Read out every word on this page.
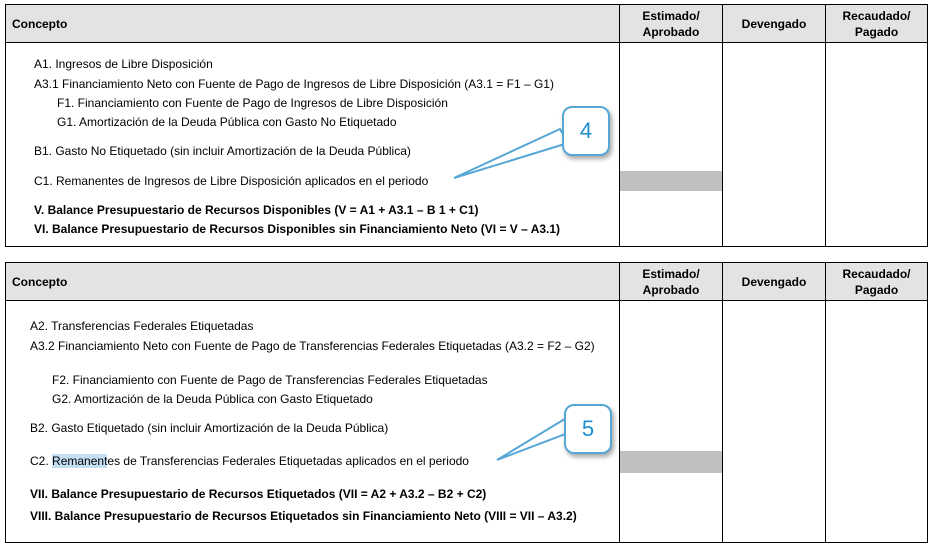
Concepto
Estimado/
Aprobado
Devengado
Recaudado/
Pagado
A1. Ingresos de Libre Disposición
A3.1 Financiamiento Neto con Fuente de Pago de Ingresos de Libre Disposición (A3.1 = F1 – G1)
F1. Financiamiento con Fuente de Pago de Ingresos de Libre Disposición
G1. Amortización de la Deuda Pública con Gasto No Etiquetado
B1. Gasto No Etiquetado (sin incluir Amortización de la Deuda Pública)
C1. Remanentes de Ingresos de Libre Disposición aplicados en el periodo
V. Balance Presupuestario de Recursos Disponibles (V = A1 + A3.1 – B 1 + C1)
VI. Balance Presupuestario de Recursos Disponibles sin Financiamiento Neto (VI = V – A3.1)
4
Concepto
Estimado/
Aprobado
Devengado
Recaudado/
Pagado
A2. Transferencias Federales Etiquetadas
A3.2 Financiamiento Neto con Fuente de Pago de Transferencias Federales Etiquetadas (A3.2 = F2 – G2)
F2. Financiamiento con Fuente de Pago de Transferencias Federales Etiquetadas
G2. Amortización de la Deuda Pública con Gasto Etiquetado
B2. Gasto Etiquetado (sin incluir Amortización de la Deuda Pública)
C2. Remanentes de Transferencias Federales Etiquetadas aplicados en el periodo
VII. Balance Presupuestario de Recursos Etiquetados (VII = A2 + A3.2 – B2 + C2)
VIII. Balance Presupuestario de Recursos Etiquetados sin Financiamiento Neto (VIII = VII – A3.2)
5
